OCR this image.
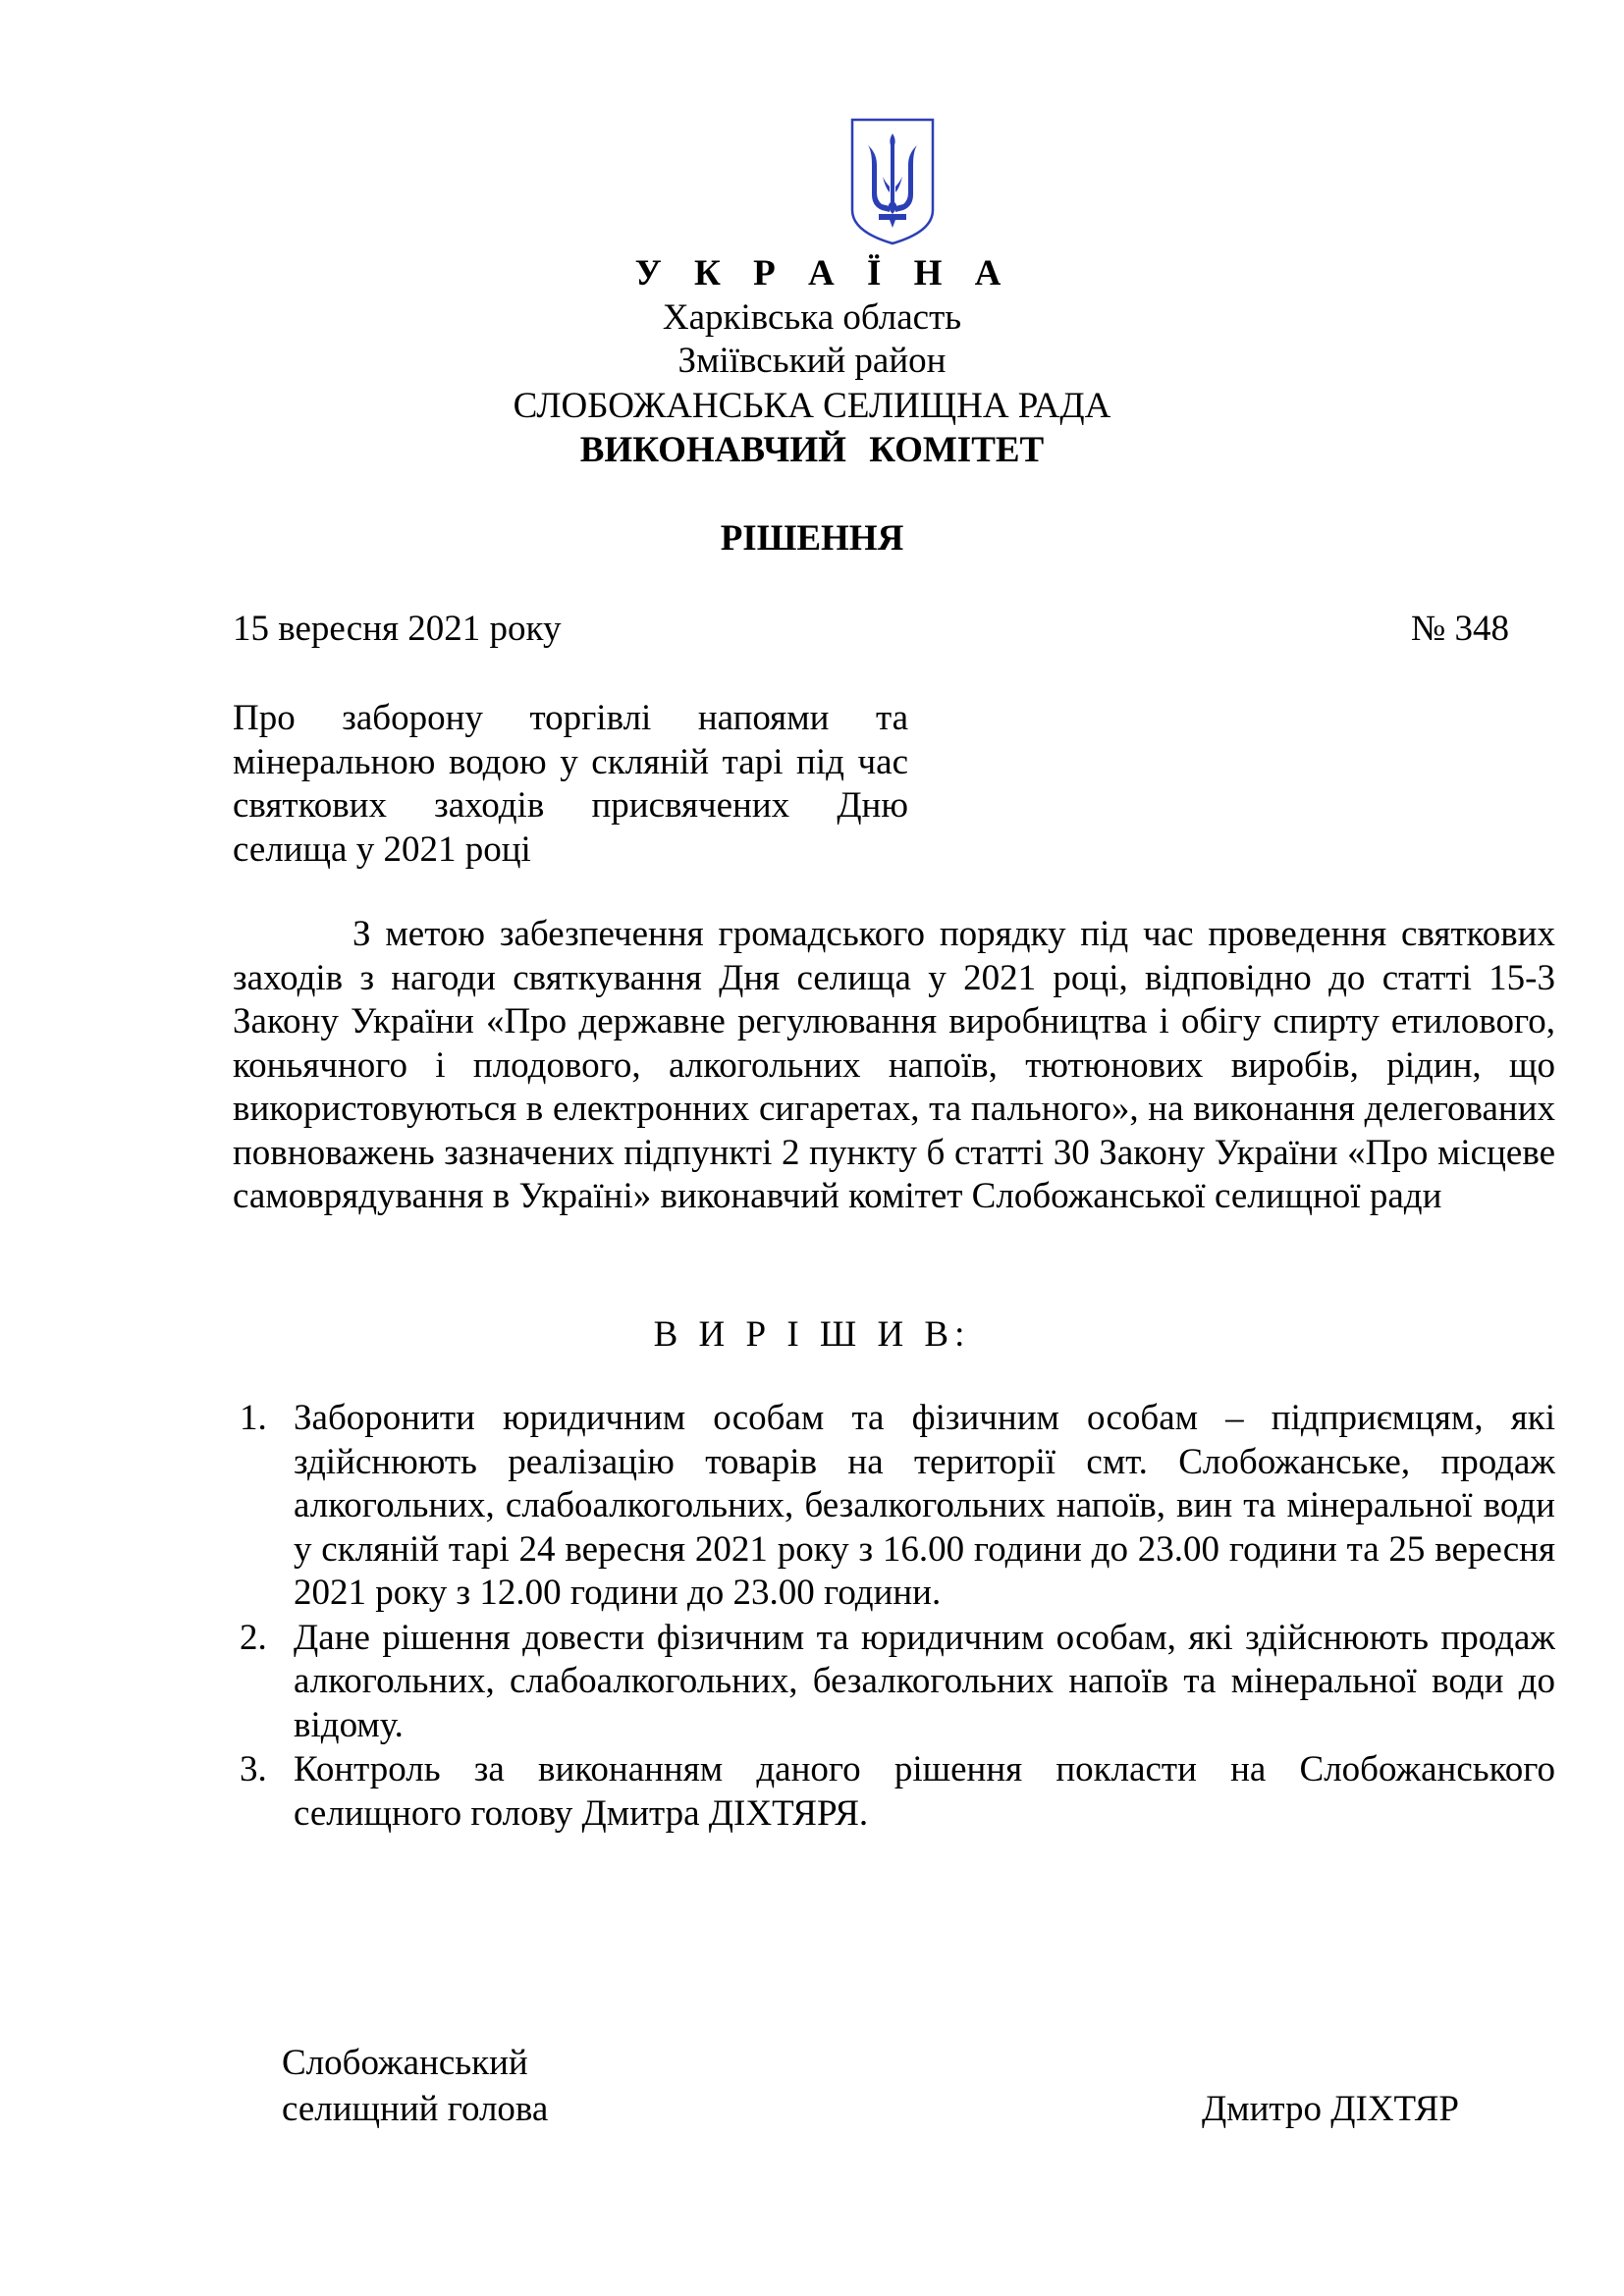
У К Р А Ї Н А
Харківська область
Зміївський район
СЛОБОЖАНСЬКА СЕЛИЩНА РАДА
ВИКОНАВЧИЙ КОМІТЕТ
РІШЕННЯ
15 вересня 2021 року	№ 348
Про заборону торгівлі напоями та мінеральною водою у скляній тарі під час святкових заходів присвячених Дню селища у 2021 році
З метою забезпечення громадського порядку під час проведення святкових заходів з нагоди святкування Дня селища у 2021 році, відповідно до статті 15-3 Закону України «Про державне регулювання виробництва і обігу спирту етилового, коньячного і плодового, алкогольних напоїв, тютюнових виробів, рідин, що використовуються в електронних сигаретах, та пального», на виконання делегованих повноважень зазначених підпункті 2 пункту б статті 30 Закону України «Про місцеве самоврядування в Україні» виконавчий комітет Слобожанської селищної ради
В И Р І Ш И В:
1. Заборонити юридичним особам та фізичним особам – підприємцям, які здійснюють реалізацію товарів на території смт. Слобожанське, продаж алкогольних, слабоалкогольних, безалкогольних напоїв, вин та мінеральної води у скляній тарі 24 вересня 2021 року з 16.00 години до 23.00 години та 25 вересня 2021 року з 12.00 години до 23.00 години.
2. Дане рішення довести фізичним та юридичним особам, які здійснюють продаж алкогольних, слабоалкогольних, безалкогольних напоїв та мінеральної води до відому.
3. Контроль за виконанням даного рішення покласти на Слобожанського селищного голову Дмитра ДІХТЯРЯ.
Слобожанський
селищний голова	Дмитро ДІХТЯР
